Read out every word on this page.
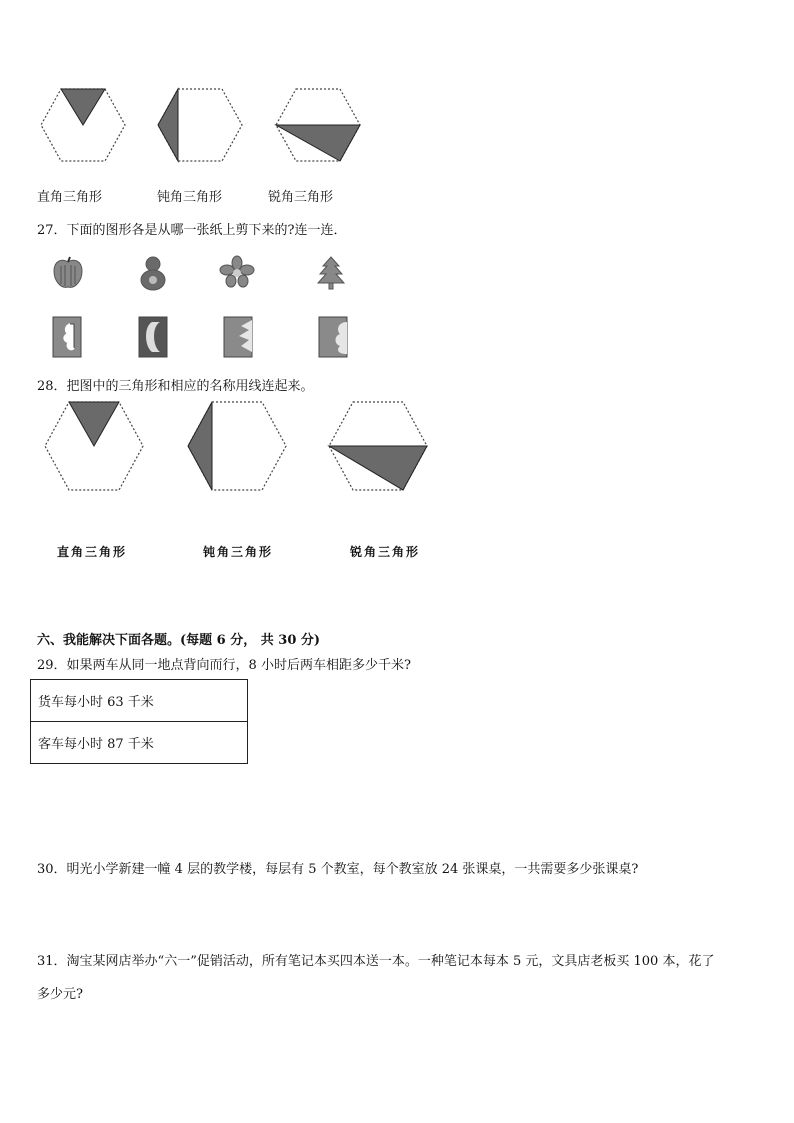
直角三角形	钝角三角形	锐角三角形
27．下面的图形各是从哪一张纸上剪下来的?连一连．
28．把图中的三角形和相应的名称用线连起来。
直角三角形	钝角三角形	锐角三角形
六、我能解决下面各题。(每题 6 分， 共 30 分)
29．如果两车从同一地点背向而行，8 小时后两车相距多少千米?
货车每小时 63 千米
客车每小时 87 千米
30．明光小学新建一幢 4 层的教学楼，每层有 5 个教室，每个教室放 24 张课桌，一共需要多少张课桌?
31．淘宝某网店举办“六一”促销活动，所有笔记本买四本送一本。一种笔记本每本 5 元，文具店老板买 100 本，花了
多少元?
